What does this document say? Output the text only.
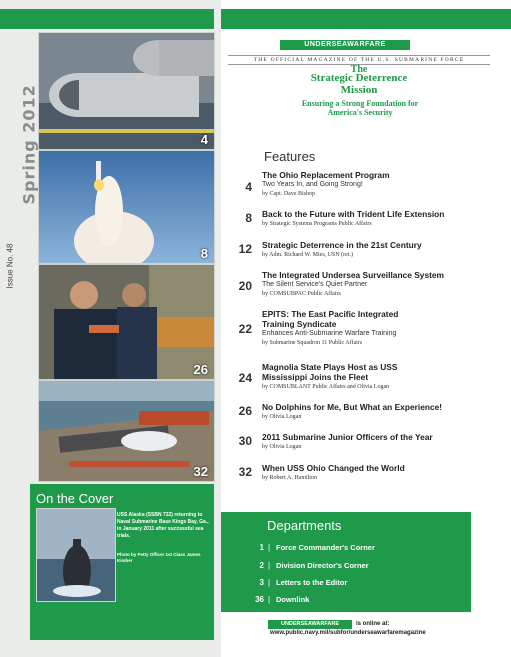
Spring 2012
Issue No. 48
4
8
26
32
On the Cover
USS Alaska (SSBN 732) returning to Naval Submarine Base Kings Bay, Ga., in January 2011 after successful sea trials.
Photo by Petty Officer 1st Class James Kimber
UNDERSEAWARFARE
THE OFFICIAL MAGAZINE OF THE U.S. SUBMARINE FORCE
The
Strategic Deterrence
Mission
Ensuring a Strong Foundation for America's Security
Features
4
The Ohio Replacement Program
Two Years In, and Going Strong!
by Capt. Dave Bishop
8 Back to the Future with Trident Life Extension
by Strategic Systems Programs Public Affairs
12 Strategic Deterrence in the 21st Century
by Adm. Richard W. Mies, USN (ret.)
20
The Integrated Undersea Surveillance System
The Silent Service's Quiet Partner
by COMSUBPAC Public Affairs
22
EPITS: The East Pacific Integrated Training Syndicate
Enhances Anti-Submarine Warfare Training
by Submarine Squadron 11 Public Affairs
24
Magnolia State Plays Host as USS Mississippi Joins the Fleet
by COMSUBLANT Public Affairs and Olivia Logan
26 No Dolphins for Me, But What an Experience!
by Olivia Logan
30 2011 Submarine Junior Officers of the Year
by Olivia Logan
32 When USS Ohio Changed the World
by Robert A. Hamilton
Departments
1 | Force Commander's Corner
2 | Division Director's Corner
3 | Letters to the Editor
36 | Downlink
UNDERSEAWARFARE	is online at:
www.public.navy.mil/subfor/underseawarfaremagazine
